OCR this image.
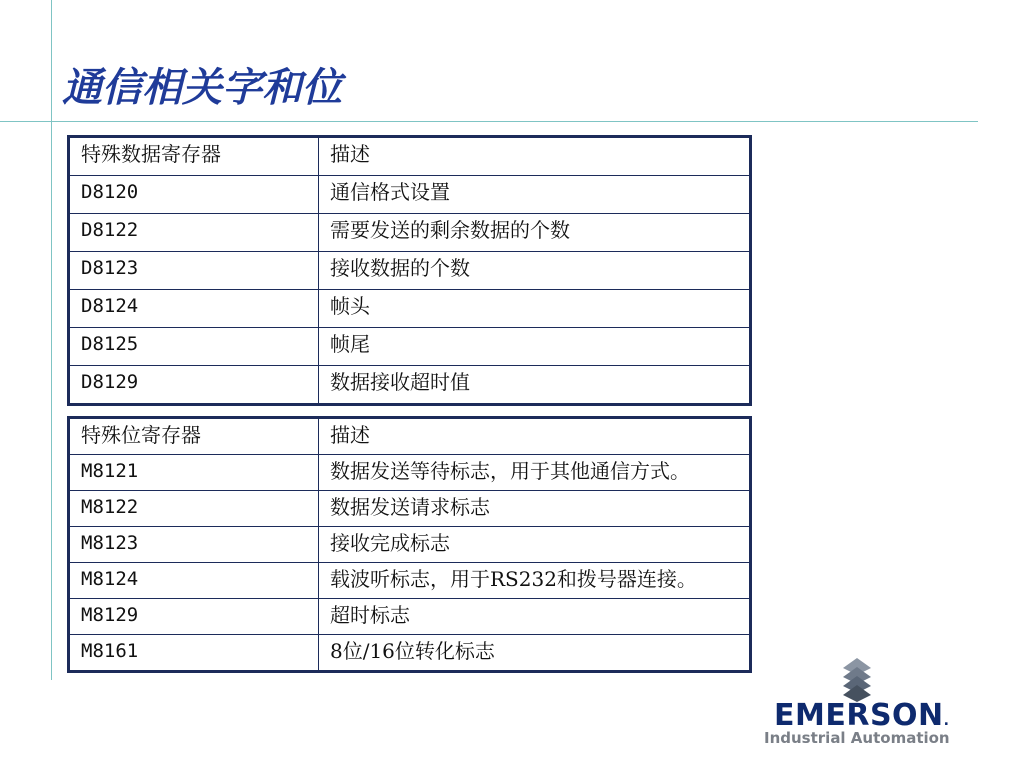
通信相关字和位
特殊数据寄存器	描述
D8120	通信格式设置
D8122	需要发送的剩余数据的个数
D8123	接收数据的个数
D8124	帧头
D8125	帧尾
D8129	数据接收超时值
特殊位寄存器	描述
M8121	数据发送等待标志，用于其他通信方式。
M8122	数据发送请求标志
M8123	接收完成标志
M8124	载波听标志，用于RS232和拨号器连接。
M8129	超时标志
M8161	8位/16位转化标志
EMERSON.
Industrial Automation
